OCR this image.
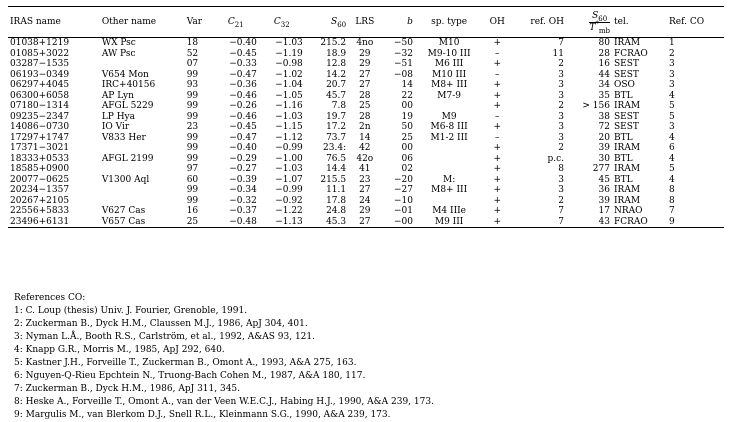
IRAS name	Other name	Var	$C_{21}$	$C_{32}$	$S_{60}$	LRS	b	sp. type	OH	ref. OH	$\frac{S_{60}}{T^*_{mb}}$	tel.	Ref. CO
01038+1219	WX Psc	18	−0.40	−1.03	215.2	4no	−50	M10	+	7	80	IRAM	1
01085+3022	AW Psc	52	−0.45	−1.19	18.9	29	−32	M9-10 III	–	11	28	FCRAO	2
03287−1535		07	−0.33	−0.98	12.8	29	−51	M6 III	+	2	16	SEST	3
06193−0349	V654 Mon	99	−0.47	−1.02	14.2	27	−08	M10 III	–	3	44	SEST	3
06297+4045	IRC+40156	93	−0.36	−1.04	20.7	27	14	M8+ III	+	3	34	OSO	3
06300+6058	AP Lyn	99	−0.46	−1.05	45.7	28	22	M7-9	+	3	35	BTL	4
07180−1314	AFGL 5229	99	−0.26	−1.16	7.8	25	00		+	2	> 156	IRAM	5
09235−2347	LP Hya	99	−0.46	−1.03	19.7	28	19	M9	–	3	38	SEST	5
14086−0730	IO Vir	23	−0.45	−1.15	17.2	2n	50	M6-8 III	+	3	72	SEST	3
17297+1747	V833 Her	99	−0.47	−1.12	73.7	14	25	M1-2 III	–	3	20	BTL	4
17371−3021		99	−0.40	−0.99	23.4:	42	00		+	2	39	IRAM	6
18333+0533	AFGL 2199	99	−0.29	−1.00	76.5	42o	06		+	p.c.	30	BTL	4
18585+0900		97	−0.27	−1.03	14.4	41	02		+	8	277	IRAM	5
20077−0625	V1300 Aql	60	−0.39	−1.07	215.5	23	−20	M:	+	3	45	BTL	4
20234−1357		99	−0.34	−0.99	11.1	27	−27	M8+ III	+	3	36	IRAM	8
20267+2105		99	−0.32	−0.92	17.8	24	−10		+	2	39	IRAM	8
22556+5833	V627 Cas	16	−0.37	−1.22	24.8	29	−01	M4 IIIe	+	7	17	NRAO	7
23496+6131	V657 Cas	25	−0.48	−1.13	45.3	27	−00	M9 III	+	7	43	FCRAO	9
References CO:
1: C. Loup (thesis) Univ. J. Fourier, Grenoble, 1991.
2: Zuckerman B., Dyck H.M., Claussen M.J., 1986, ApJ 304, 401.
3: Nyman L.Å., Booth R.S., Carlström, et al., 1992, A&AS 93, 121.
4: Knapp G.R., Morris M., 1985, ApJ 292, 640.
5: Kastner J.H., Forveille T., Zuckerman B., Omont A., 1993, A&A 275, 163.
6: Nguyen-Q-Rieu Epchtein N., Truong-Bach Cohen M., 1987, A&A 180, 117.
7: Zuckerman B., Dyck H.M., 1986, ApJ 311, 345.
8: Heske A., Forveille T., Omont A., van der Veen W.E.C.J., Habing H.J., 1990, A&A 239, 173.
9: Margulis M., van Blerkom D.J., Snell R.L., Kleinmann S.G., 1990, A&A 239, 173.
